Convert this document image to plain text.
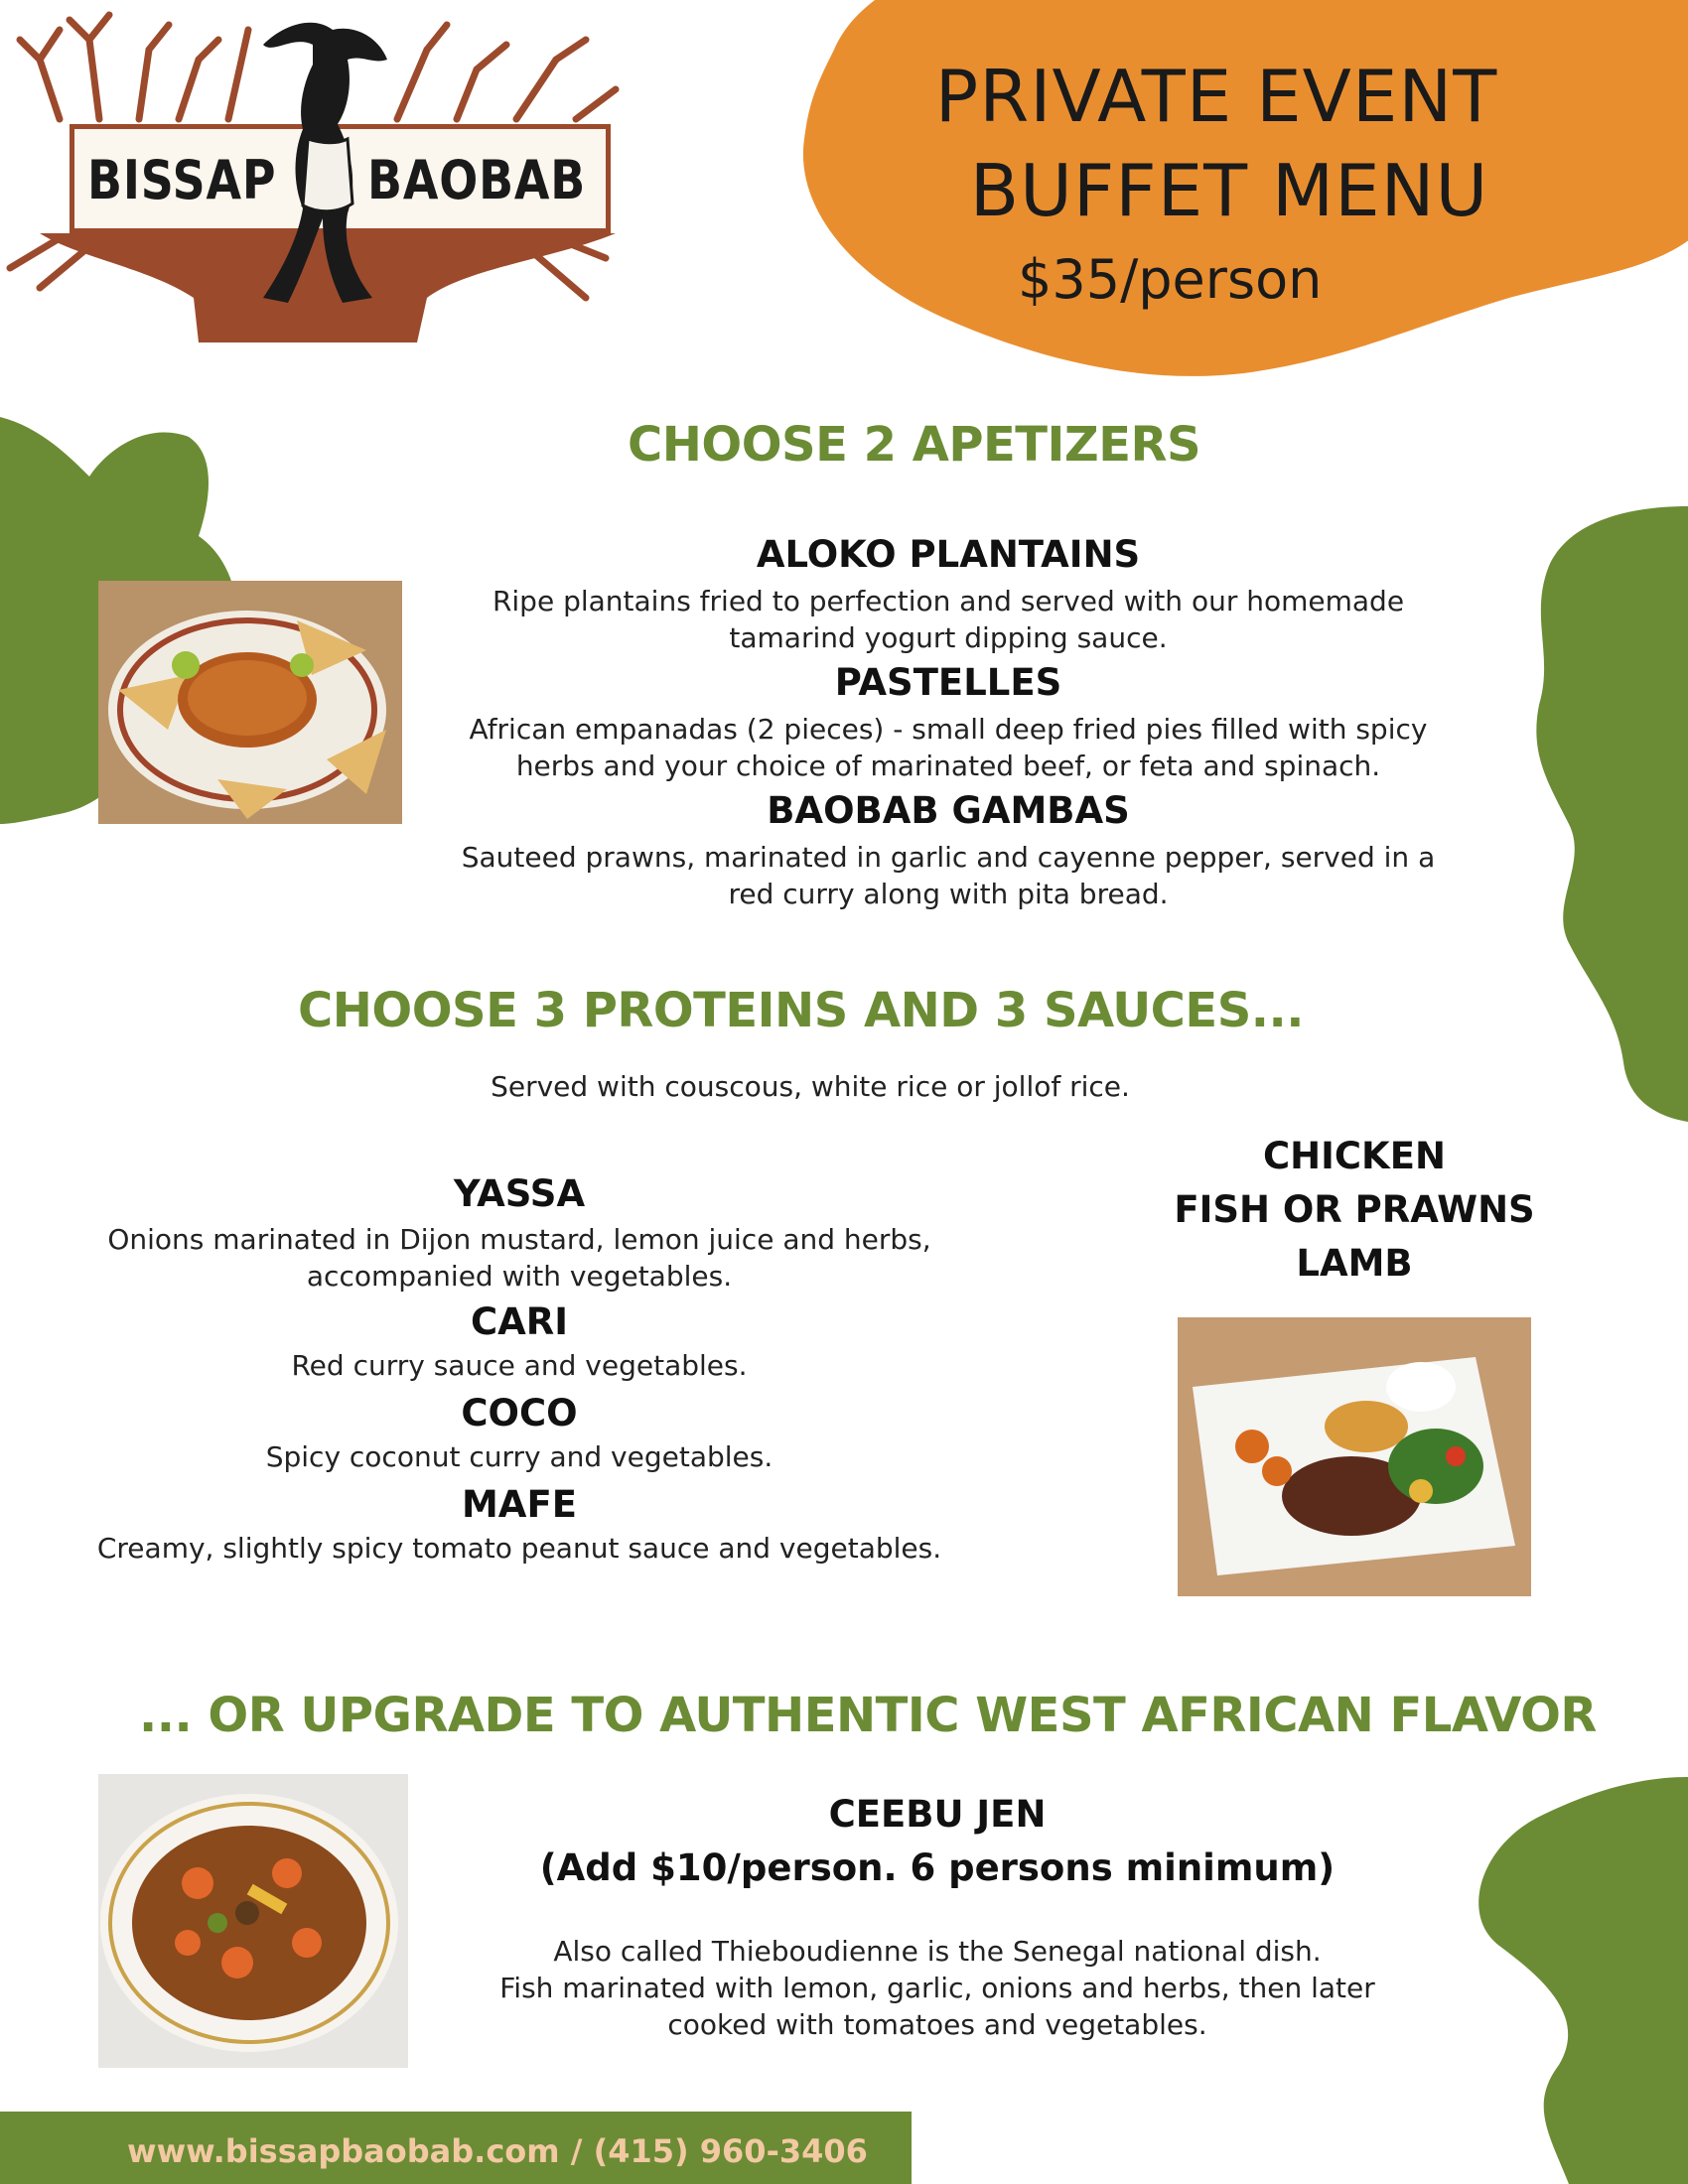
PRIVATE EVENT
BUFFET MENU
$35/person
BISSAP BAOBAB
CHOOSE 2 APETIZERS
ALOKO PLANTAINS
Ripe plantains fried to perfection and served with our homemade
tamarind yogurt dipping sauce.
PASTELLES
African empanadas (2 pieces) - small deep fried pies filled with spicy
herbs and your choice of marinated beef, or feta and spinach.
BAOBAB GAMBAS
Sauteed prawns, marinated in garlic and cayenne pepper, served in a
red curry along with pita bread.
CHOOSE 3 PROTEINS AND 3 SAUCES...
Served with couscous, white rice or jollof rice.
CHICKEN
FISH OR PRAWNS
LAMB
YASSA
Onions marinated in Dijon mustard, lemon juice and herbs,
accompanied with vegetables.
CARI
Red curry sauce and vegetables.
COCO
Spicy coconut curry and vegetables.
MAFE
Creamy, slightly spicy tomato peanut sauce and vegetables.
... OR UPGRADE TO AUTHENTIC WEST AFRICAN FLAVOR
CEEBU JEN
(Add $10/person. 6 persons minimum)
Also called Thieboudienne is the Senegal national dish.
Fish marinated with lemon, garlic, onions and herbs, then later
cooked with tomatoes and vegetables.
www.bissapbaobab.com / (415) 960-3406
